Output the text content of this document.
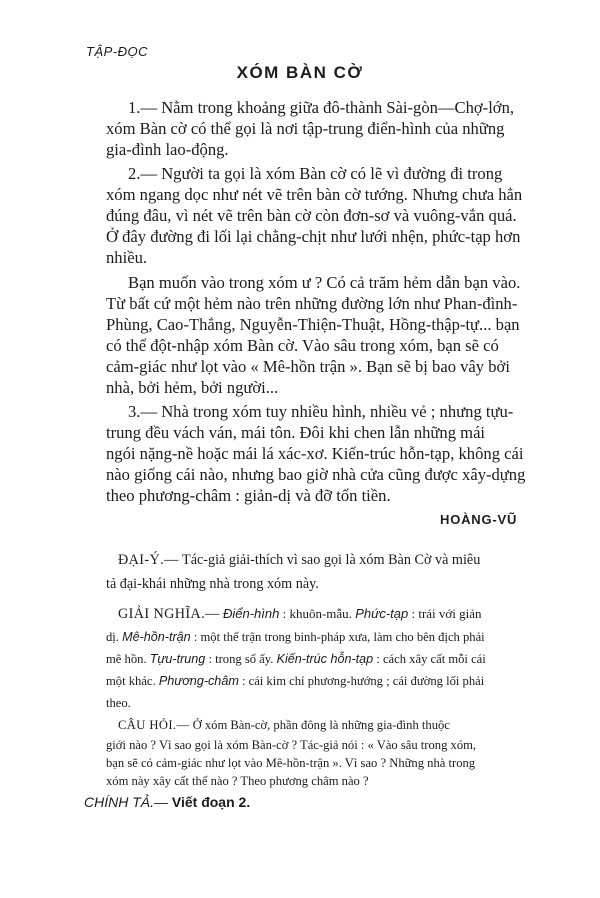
TẬP-ĐỌC

XÓM BÀN CỜ

1.— Nằm trong khoảng giữa đô-thành Sài-gòn—Chợ-lớn,

xóm Bàn cờ có thể gọi là nơi tập-trung điển-hình của những

gia-đình lao-động.

2.— Người ta gọi là xóm Bàn cờ có lẽ vì đường đi trong

xóm ngang dọc như nét vẽ trên bàn cờ tướng. Nhưng chưa hẳn

đúng đâu, vì nét vẽ trên bàn cờ còn đơn-sơ và vuông-vắn quá.

Ở đây đường đi lối lại chằng-chịt như lưới nhện, phức-tạp hơn

nhiều.

Bạn muốn vào trong xóm ư ? Có cả trăm hẻm dẫn bạn vào.

Từ bất cứ một hẻm nào trên những đường lớn như Phan-đình-

Phùng, Cao-Thắng, Nguyễn-Thiện-Thuật, Hồng-thập-tự... bạn

có thể đột-nhập xóm Bàn cờ. Vào sâu trong xóm, bạn sẽ có

cảm-giác như lọt vào « Mê-hồn trận ». Bạn sẽ bị bao vây bởi

nhà, bởi hẻm, bởi người...

3.— Nhà trong xóm tuy nhiều hình, nhiều vẻ ; nhưng tựu-

trung đều vách ván, mái tôn. Đôi khi chen lẫn những mái

ngói nặng-nề hoặc mái lá xác-xơ. Kiến-trúc hỗn-tạp, không cái

nào giống cái nào, nhưng bao giờ nhà cửa cũng được xây-dựng

theo phương-châm : giản-dị và đỡ tốn tiền.

HOÀNG-VŨ

ĐẠI-Ý.— Tác-giả giải-thích vì sao gọi là xóm Bàn Cờ và miêu

tả đại-khái những nhà trong xóm này.

GIẢI NGHĨA.— Điển-hình : khuôn-mẫu. Phức-tạp : trái với giản

dị. Mê-hồn-trận : một thế trận trong binh-pháp xưa, làm cho bên địch phải

mê hồn. Tựu-trung : trong số ấy. Kiến-trúc hỗn-tạp : cách xây cất mỗi cái

một khác. Phương-châm : cái kim chỉ phương-hướng ; cái đường lối phải

theo.

CÂU HỎI.— Ở xóm Bàn-cờ, phần đông là những gia-đình thuộc

giới nào ? Vì sao gọi là xóm Bàn-cờ ? Tác-giả nói : « Vào sâu trong xóm,

bạn sẽ có cảm-giác như lọt vào Mê-hồn-trận ». Vì sao ? Những nhà trong

xóm này xây cất thế nào ? Theo phương châm nào ?

CHÍNH TẢ.— Viết đoạn 2.
